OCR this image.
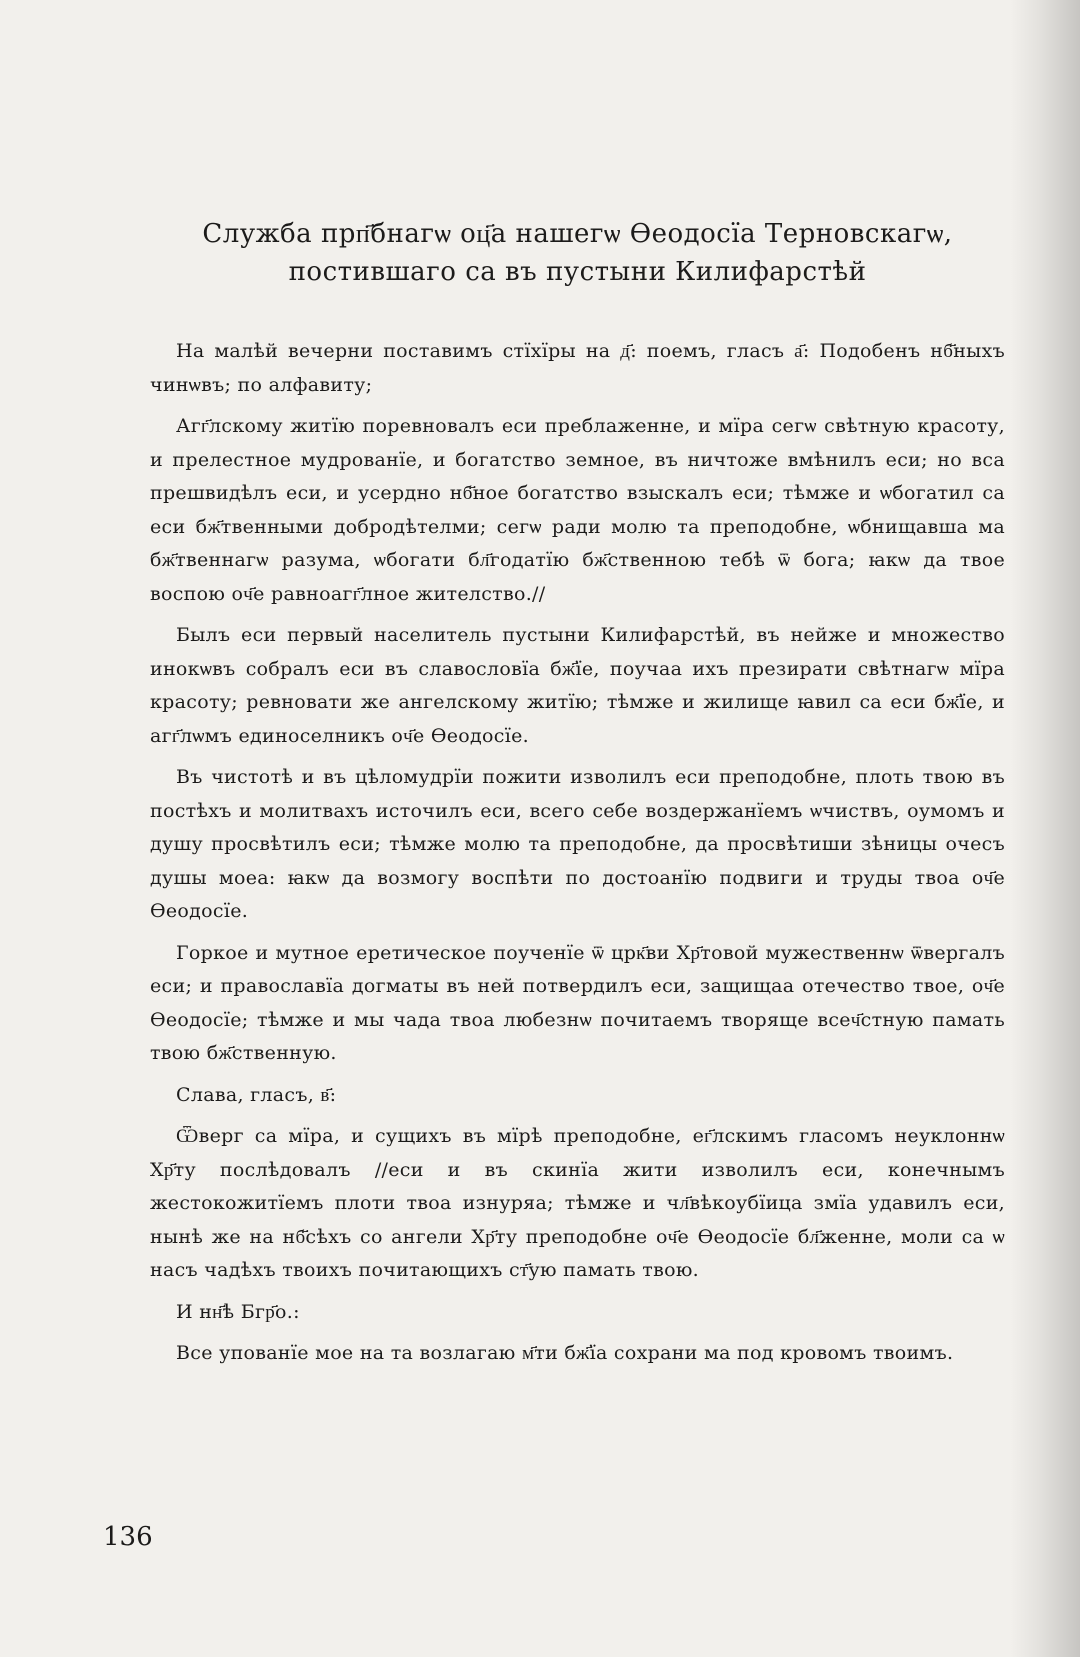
Служба прп҃бнагѡ оц҃а нашегѡ Ѳеодосїа Терновскагѡ,
постившаго са въ пустыни Килифарстѣй

На малѣй вечерни поставимъ стїхїры на д҃: поемъ, гласъ а҃: Подобенъ нб҃ныхъ чинѡвъ; по алфавиту;

Агг҃лскому житїю поревновалъ еси преблаженне, и мїра сегѡ свѣтную красоту, и прелестное мудрованїе, и богатство земное, въ ничтоже вмѣнилъ еси; но вса прешвидѣлъ еси, и усердно нб҃ное богатство взыскалъ еси; тѣмже и ѡбогатил са еси бж҃твенными добродѣтелми; сегѡ ради молю та преподобне, ѡбнищавша ма бж҃твеннагѡ разума, ѡбогати бл҃годатїю бж҃ственною тебѣ ѿ бога; ꙗкѡ да твое воспою оч҃е равноагг҃лное жителство.//

Былъ еси первый населитель пустыни Килифарстѣй, въ нейже и множество инокѡвъ собралъ еси въ славословїа бж҃їе, поучаа ихъ презирати свѣтнагѡ мїра красоту; ревновати же ангелскому житїю; тѣмже и жилище ꙗвил са еси бж҃їе, и агг҃лѡмъ единоселникъ оч҃е Ѳеодосїе.

Въ чистотѣ и въ цѣломудрїи пожити изволилъ еси преподобне, плоть твою въ постѣхъ и молитвахъ источилъ еси, всего себе воздержанїемъ ѡчиствъ, оумомъ и душу просвѣтилъ еси; тѣмже молю та преподобне, да просвѣтиши зѣницы очесъ душы моеа: ꙗкѡ да возмогу воспѣти по достоанїю подвиги и труды твоа оч҃е Ѳеодосїе.

Горкое и мутное еретическое поученїе ѿ црк҃ви Хр҃товой мужественнѡ ѿвергалъ еси; и православїа догматы въ ней потвердилъ еси, защищаа отечество твое, оч҃е Ѳеодосїе; тѣмже и мы чада твоа любезнѡ почитаемъ творяще всеч҃стную памать твою бж҃ственную.

Слава, гласъ, в҃:

Ѿверг са мїра, и сущихъ въ мїрѣ преподобне, ег҃лскимъ гласомъ неуклоннѡ Хр҃ту послѣдовалъ //еси и въ скинїа жити изволилъ еси, конечнымъ жестокожитїемъ плоти твоа изнуряа; тѣмже и чл҃вѣкоубїица змїа удавилъ еси, нынѣ же на нб҃сѣхъ со ангели Хр҃ту преподобне оч҃е Ѳеодосїе бл҃женне, моли са ѡ насъ чадѣхъ твоихъ почитающихъ ст҃ую памать твою.

И нн҃ѣ Бгр҃о.:

Все упованїе мое на та возлагаю м҃ти бж҃їа сохрани ма под кровомъ твоимъ.

136
